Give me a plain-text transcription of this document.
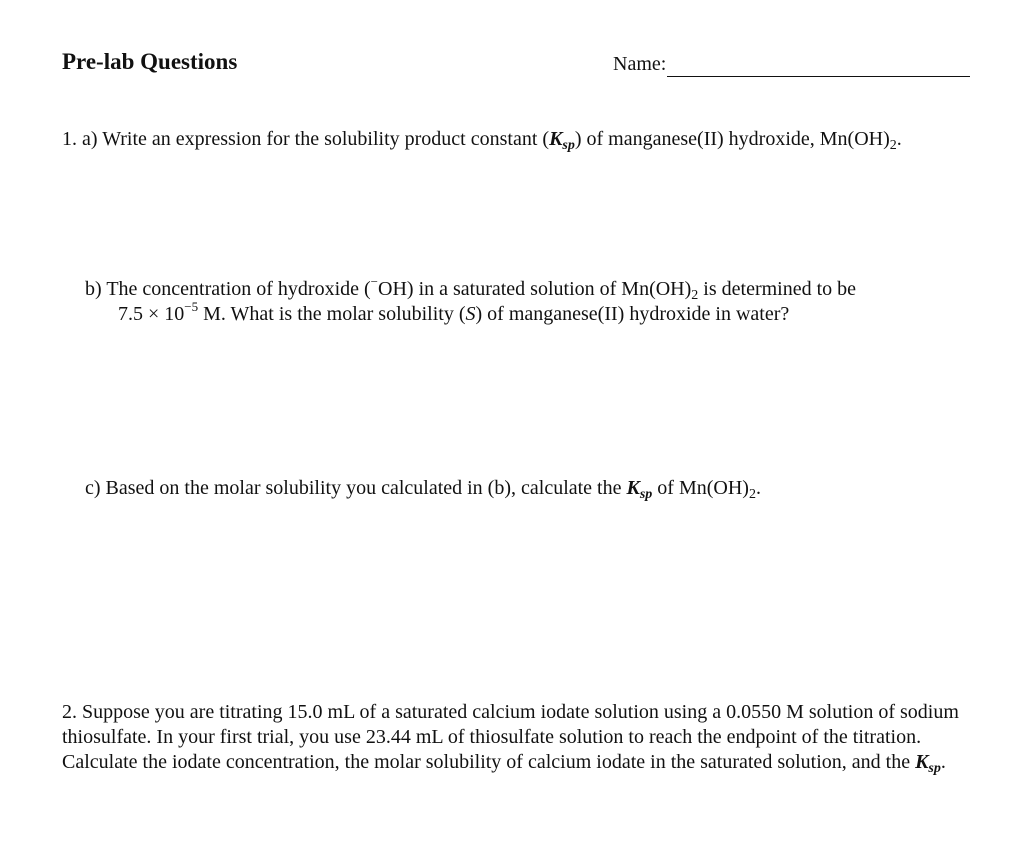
Pre-lab Questions	Name:
1. a) Write an expression for the solubility product constant $(K_{sp})$ of manganese(II) hydroxide, $Mn(OH)_2$.
b) The concentration of hydroxide (−OH) in a saturated solution of $Mn(OH)_2$ is determined to be
$7.5 \times 10^{-5}$ M. What is the molar solubility (S) of manganese(II) hydroxide in water?
c) Based on the molar solubility you calculated in (b), calculate the $K_{sp}$ of $Mn(OH)_2$.
2. Suppose you are titrating 15.0 mL of a saturated calcium iodate solution using a 0.0550 M solution of sodium thiosulfate. In your first trial, you use 23.44 mL of thiosulfate solution to reach the endpoint of the titration. Calculate the iodate concentration, the molar solubility of calcium iodate in the saturated solution, and the $K_{sp}$.
